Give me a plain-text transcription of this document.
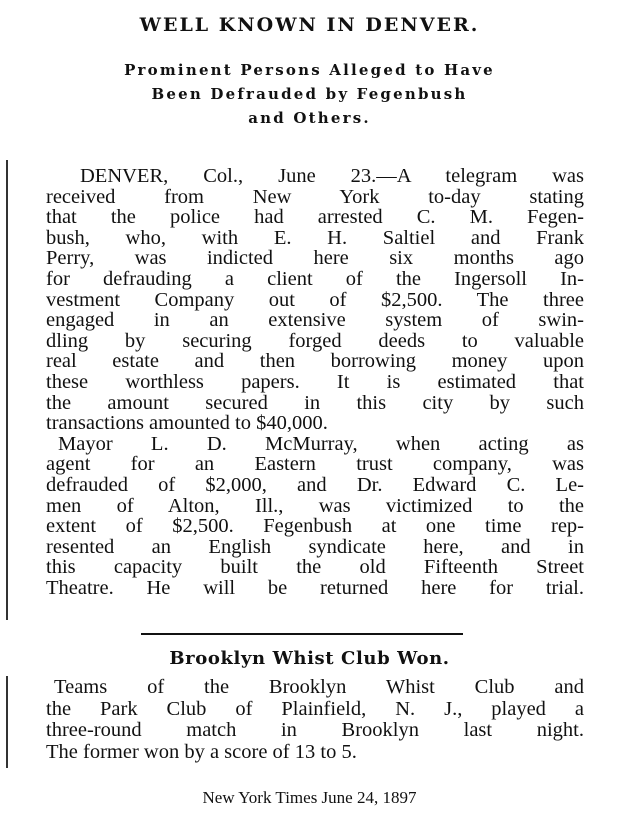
WELL KNOWN IN DENVER.
Prominent Persons Alleged to Have
Been Defrauded by Fegenbush
and Others.
DENVER, Col., June 23.—A telegram was
received from New York to-day stating
that the police had arrested C. M. Fegen-
bush, who, with E. H. Saltiel and Frank
Perry, was indicted here six months ago
for defrauding a client of the Ingersoll In-
vestment Company out of $2,500. The three
engaged in an extensive system of swin-
dling by securing forged deeds to valuable
real estate and then borrowing money upon
these worthless papers. It is estimated that
the amount secured in this city by such
transactions amounted to $40,000.
Mayor L. D. McMurray, when acting as
agent for an Eastern trust company, was
defrauded of $2,000, and Dr. Edward C. Le-
men of Alton, Ill., was victimized to the
extent of $2,500. Fegenbush at one time rep-
resented an English syndicate here, and in
this capacity built the old Fifteenth Street
Theatre. He will be returned here for trial.
Brooklyn Whist Club Won.
Teams of the Brooklyn Whist Club and
the Park Club of Plainfield, N. J., played a
three-round match in Brooklyn last night.
The former won by a score of 13 to 5.
New York Times June 24, 1897
